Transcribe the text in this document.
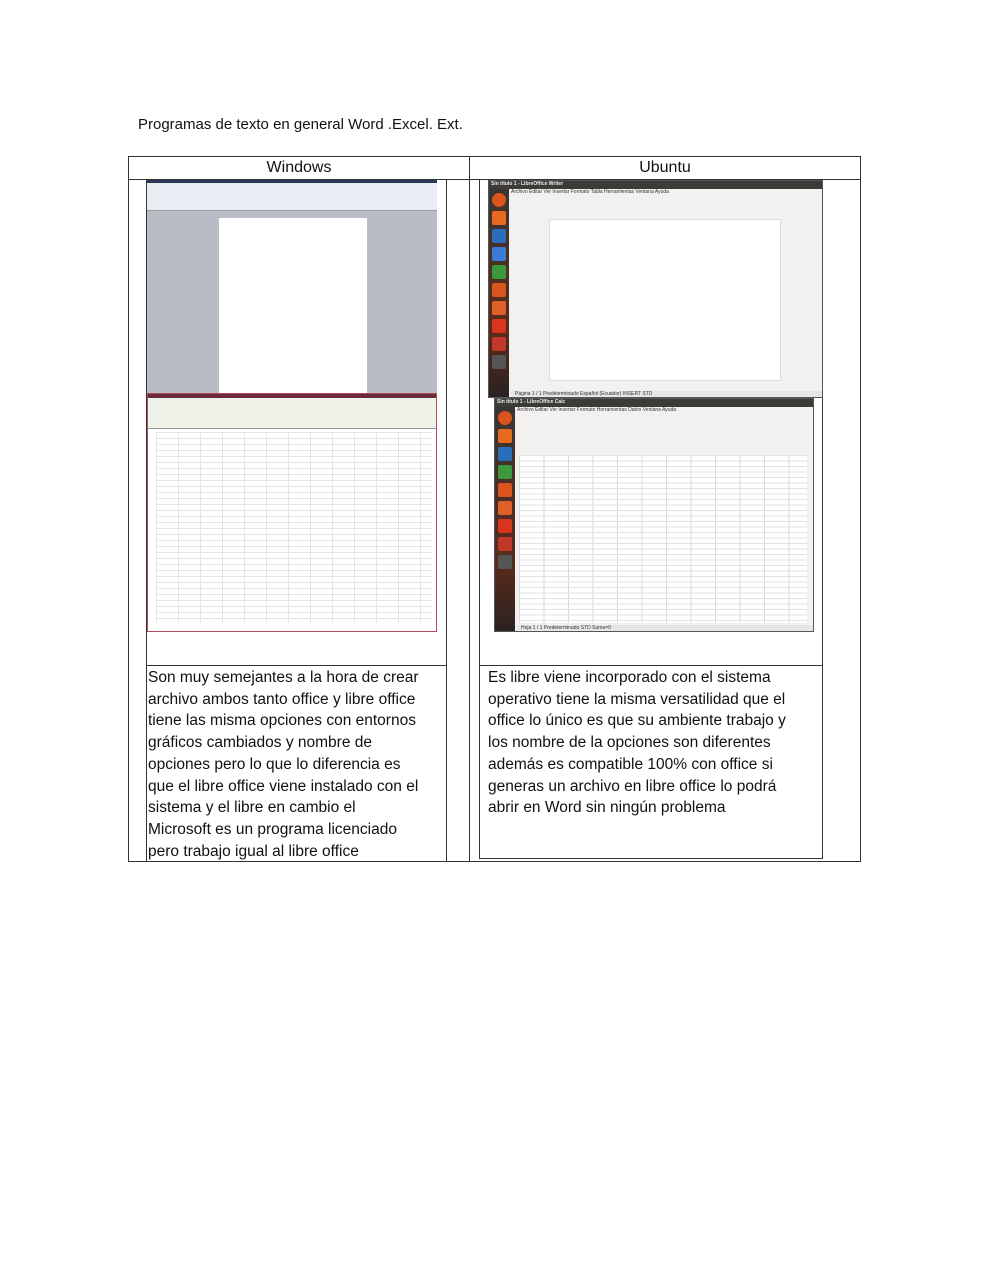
Programas de texto en general Word .Excel. Ext.
Windows	Ubuntu
Sin título 1 - LibreOffice Writer
Archivo Editar Ver Insertar Formato Tabla Herramientas Ventana Ayuda
Página 1 / 1 Predeterminado Español (Ecuador) INSERT STD
Sin título 1 - LibreOffice Calc
Archivo Editar Ver Insertar Formato Herramientas Datos Ventana Ayuda
Hoja 1 / 1 Predeterminado STD Suma=0
Son muy semejantes a la hora de crear
archivo ambos tanto office y libre office
tiene las misma opciones con entornos
gráficos cambiados y nombre de
opciones pero lo que lo diferencia es
que el libre office viene instalado con el
sistema y el libre en cambio el
Microsoft es un programa licenciado
pero trabajo igual al libre office
Es libre viene incorporado con el sistema
operativo tiene la misma versatilidad que el
office lo único es que su ambiente trabajo y
los nombre de la opciones son diferentes
además es compatible 100% con office si
generas un archivo en libre office lo podrá
abrir en Word sin ningún problema
